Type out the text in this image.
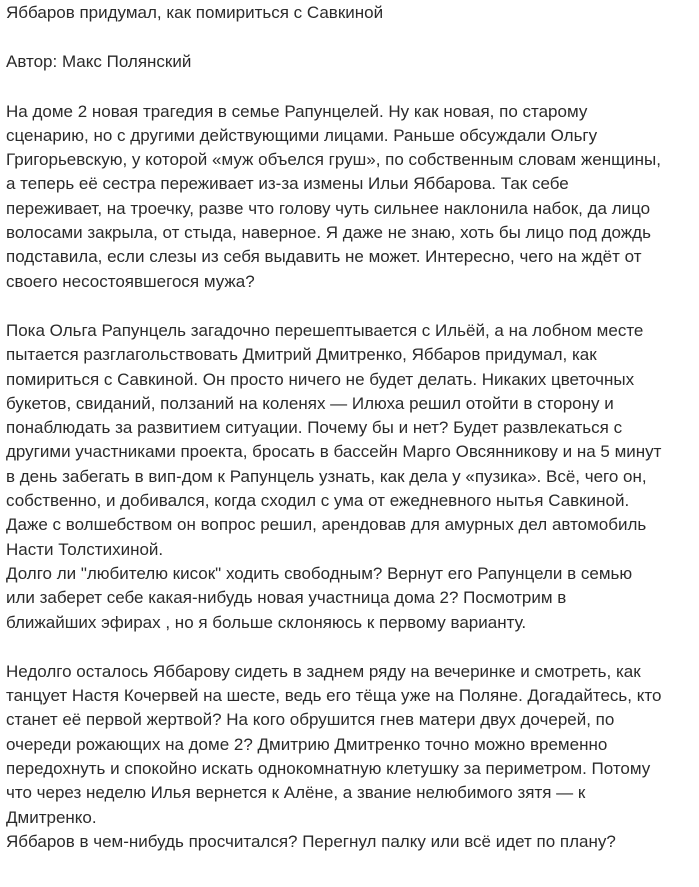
Яббаров придумал, как помириться с Савкиной
Автор: Макс Полянский
На доме 2 новая трагедия в семье Рапунцелей. Ну как новая, по старому
сценарию, но с другими действующими лицами. Раньше обсуждали Ольгу
Григорьевскую, у которой «муж объелся груш», по собственным словам женщины,
а теперь её сестра переживает из-за измены Ильи Яббарова. Так себе
переживает, на троечку, разве что голову чуть сильнее наклонила набок, да лицо
волосами закрыла, от стыда, наверное. Я даже не знаю, хоть бы лицо под дождь
подставила, если слезы из себя выдавить не может. Интересно, чего на ждёт от
своего несостоявшегося мужа?
Пока Ольга Рапунцель загадочно перешептывается с Ильёй, а на лобном месте
пытается разглагольствовать Дмитрий Дмитренко, Яббаров придумал, как
помириться с Савкиной. Он просто ничего не будет делать. Никаких цветочных
букетов, свиданий, ползаний на коленях — Илюха решил отойти в сторону и
понаблюдать за развитием ситуации. Почему бы и нет? Будет развлекаться с
другими участниками проекта, бросать в бассейн Марго Овсянникову и на 5 минут
в день забегать в вип-дом к Рапунцель узнать, как дела у «пузика». Всё, чего он,
собственно, и добивался, когда сходил с ума от ежедневного нытья Савкиной.
Даже с волшебством он вопрос решил, арендовав для амурных дел автомобиль
Насти Толстихиной.
Долго ли "любителю кисок" ходить свободным? Вернут его Рапунцели в семью
или заберет себе какая-нибудь новая участница дома 2? Посмотрим в
ближайших эфирах , но я больше склоняюсь к первому варианту.
Недолго осталось Яббарову сидеть в заднем ряду на вечеринке и смотреть, как
танцует Настя Кочервей на шесте, ведь его тёща уже на Поляне. Догадайтесь, кто
станет её первой жертвой? На кого обрушится гнев матери двух дочерей, по
очереди рожающих на доме 2? Дмитрию Дмитренко точно можно временно
передохнуть и спокойно искать однокомнатную клетушку за периметром. Потому
что через неделю Илья вернется к Алёне, а звание нелюбимого зятя — к
Дмитренко.
Яббаров в чем-нибудь просчитался? Перегнул палку или всё идет по плану?
